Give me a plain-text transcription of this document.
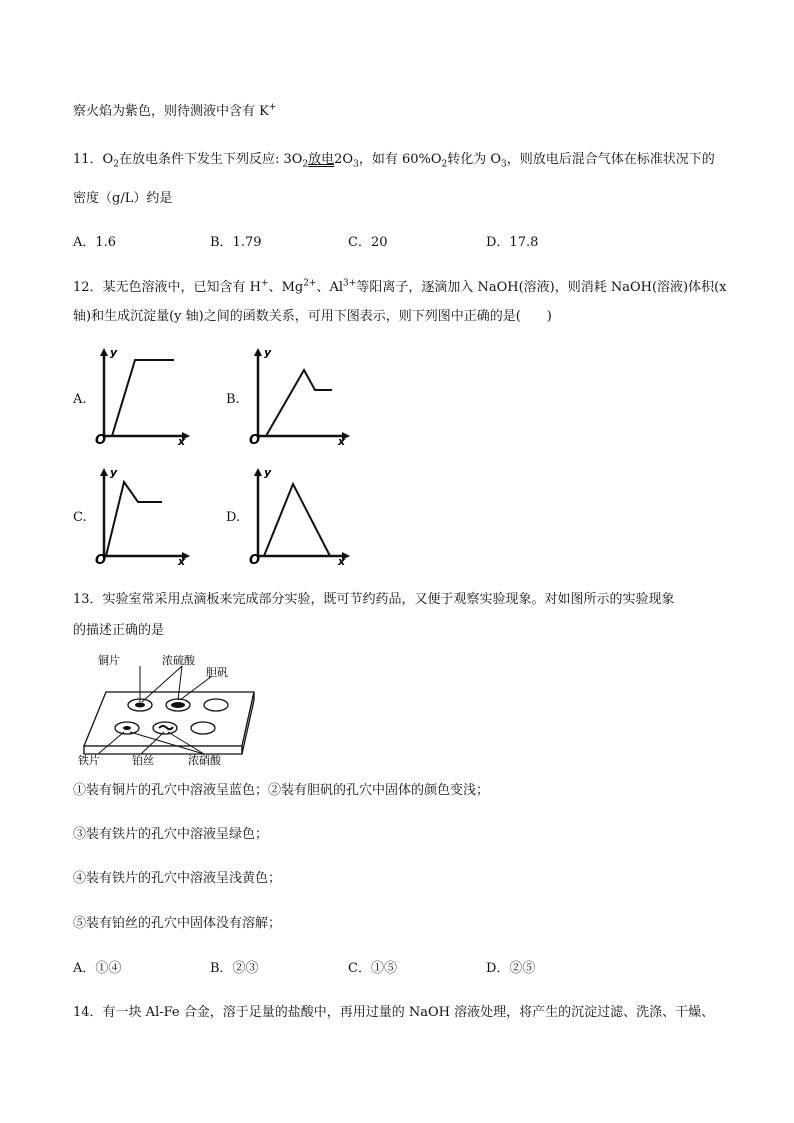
察火焰为紫色，则待测液中含有 K+
11．$O_2$在放电条件下发生下列反应: $3O_2$放电$2O_3$，如有 $60\%O_2$转化为 $O_3$，则放电后混合气体在标准状况下的
密度（g/L）约是
A．1.6	B．1.79	C．20	D．17.8
12．某无色溶液中，已知含有 H+、$Mg^{2+}$、$Al^{3+}$等阳离子，逐滴加入 NaOH(溶液)，则消耗 NaOH(溶液)体积(x
轴)和生成沉淀量(y 轴)之间的函数关系，可用下图表示，则下列图中正确的是(　　)
A.	B.
C.	D.
y
x
O
y
x
O
y
x
O
y
x
O
13．实验室常采用点滴板来完成部分实验，既可节约药品，又便于观察实验现象。对如图所示的实验现象
的描述正确的是
铜片	浓硫酸
胆矾
铁片	铂丝	浓硝酸
①装有铜片的孔穴中溶液呈蓝色；②装有胆矾的孔穴中固体的颜色变浅；
③装有铁片的孔穴中溶液呈绿色；
④装有铁片的孔穴中溶液呈浅黄色；
⑤装有铂丝的孔穴中固体没有溶解；
A．①④	B．②③	C．①⑤	D．②⑤
14．有一块 Al-Fe 合金，溶于足量的盐酸中，再用过量的 NaOH 溶液处理，将产生的沉淀过滤、洗涤、干燥、
